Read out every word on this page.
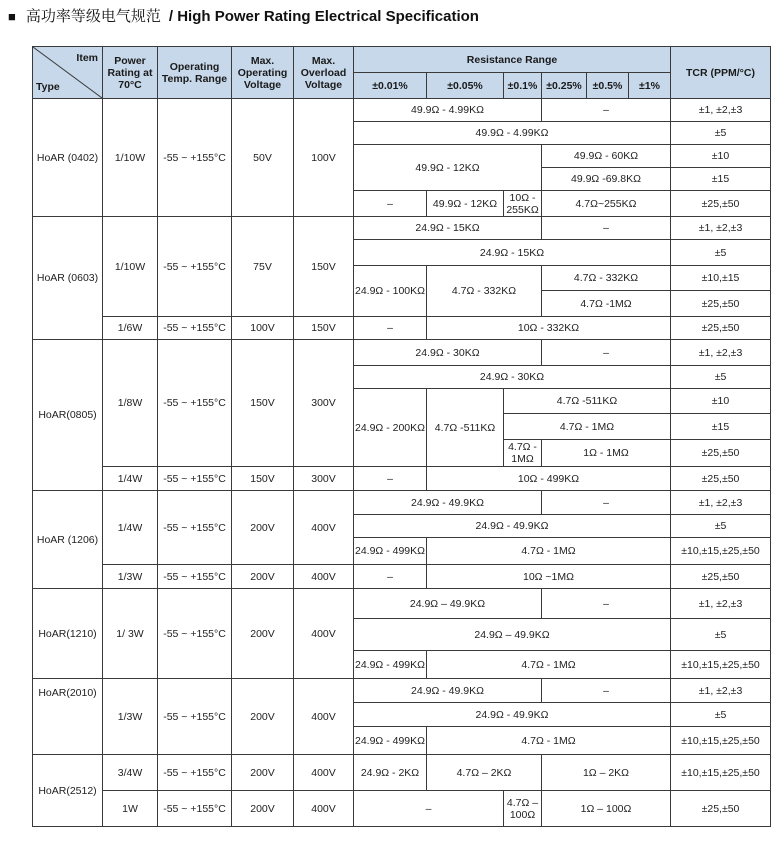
■ 高功率等级电气规范 / High Power Rating Electrical Specification
Item
Type	Power Rating at 70°C	Operating Temp. Range	Max. Operating Voltage	Max. Overload Voltage	Resistance Range						TCR (PPM/°C)
					±0.01%	±0.05%	±0.1%	±0.25%	±0.5%	±1%	
HoAR (0402)	1/10W	-55 ~ +155°C	50V	100V	49.9Ω - 4.99KΩ			–			±1, ±2,±3
					49.9Ω - 4.99KΩ						±5
					49.9Ω - 12KΩ			49.9Ω - 60KΩ			±10
								49.9Ω -69.8KΩ			±15
					–	49.9Ω - 12KΩ	10Ω - 255KΩ	4.7Ω~255KΩ			±25,±50
HoAR (0603)	1/10W	-55 ~ +155°C	75V	150V	24.9Ω - 15KΩ			–			±1, ±2,±3
					24.9Ω - 15KΩ						±5
					24.9Ω - 100KΩ	4.7Ω - 332KΩ		4.7Ω - 332KΩ			±10,±15
								4.7Ω -1MΩ			±25,±50
	1/6W	-55 ~ +155°C	100V	150V	–	10Ω - 332KΩ					±25,±50
HoAR(0805)	1/8W	-55 ~ +155°C	150V	300V	24.9Ω - 30KΩ			–			±1, ±2,±3
					24.9Ω - 30KΩ						±5
					24.9Ω - 200KΩ	4.7Ω -511KΩ	4.7Ω -511KΩ				±10
							4.7Ω - 1MΩ				±15
							4.7Ω - 1MΩ	1Ω - 1MΩ			±25,±50
	1/4W	-55 ~ +155°C	150V	300V	–	10Ω - 499KΩ					±25,±50
HoAR (1206)	1/4W	-55 ~ +155°C	200V	400V	24.9Ω - 49.9KΩ			–			±1, ±2,±3
					24.9Ω - 49.9KΩ						±5
					24.9Ω - 499KΩ	4.7Ω - 1MΩ					±10,±15,±25,±50
	1/3W	-55 ~ +155°C	200V	400V	–	10Ω ~1MΩ					±25,±50
HoAR(1210)	1/ 3W	-55 ~ +155°C	200V	400V	24.9Ω – 49.9KΩ			–			±1, ±2,±3
					24.9Ω – 49.9KΩ						±5
					24.9Ω - 499KΩ	4.7Ω - 1MΩ					±10,±15,±25,±50
HoAR(2010)	1/3W	-55 ~ +155°C	200V	400V	24.9Ω - 49.9KΩ			–			±1, ±2,±3
					24.9Ω - 49.9KΩ						±5
					24.9Ω - 499KΩ	4.7Ω - 1MΩ					±10,±15,±25,±50
HoAR(2512)	3/4W	-55 ~ +155°C	200V	400V	24.9Ω - 2KΩ	4.7Ω – 2KΩ		1Ω – 2KΩ			±10,±15,±25,±50
	1W	-55 ~ +155°C	200V	400V	–		4.7Ω – 100Ω	1Ω – 100Ω			±25,±50
